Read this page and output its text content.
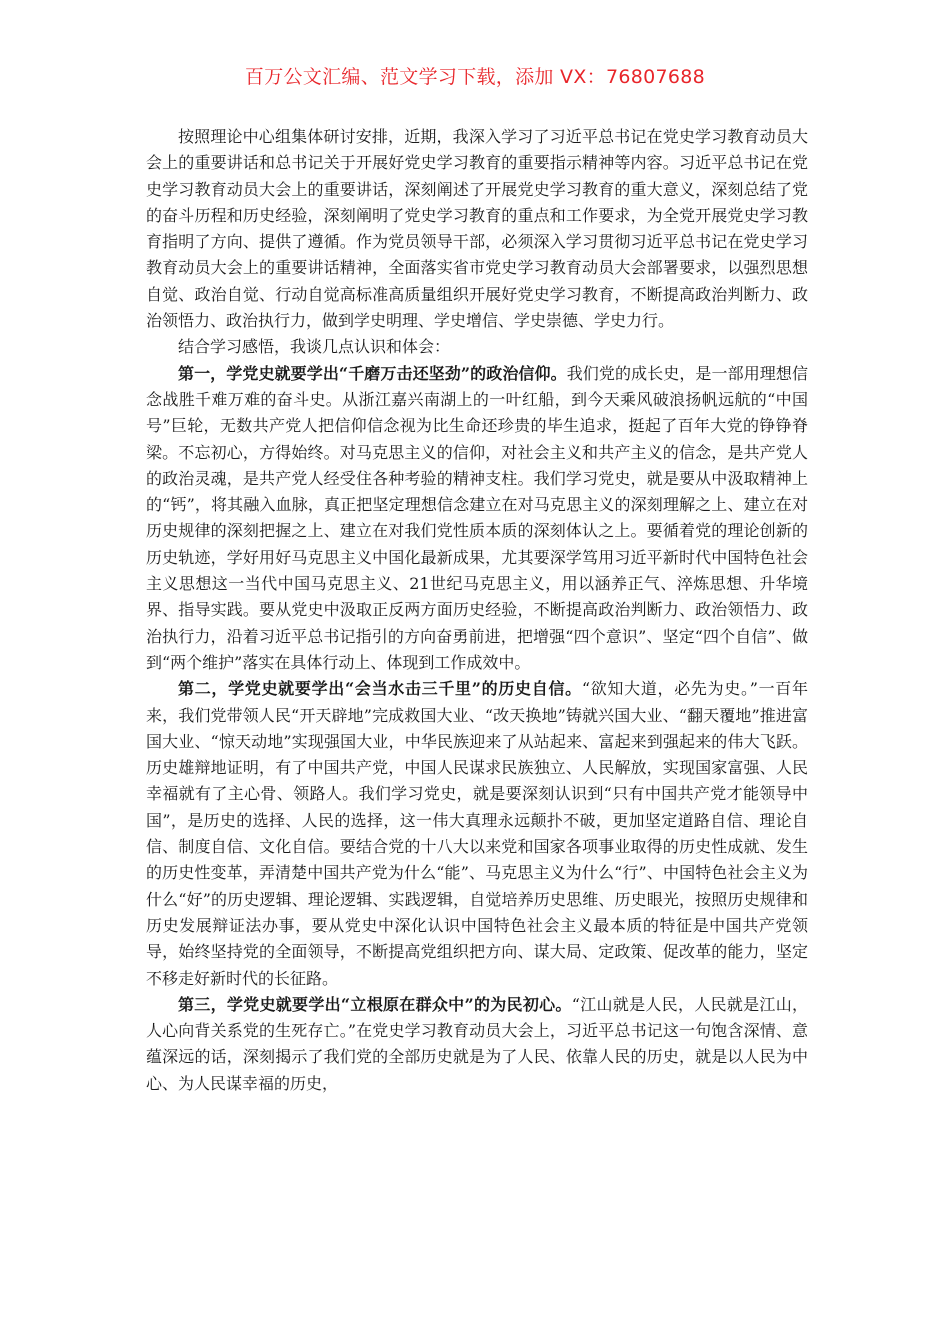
百万公文汇编、范文学习下载，添加 VX：76807688

按照理论中心组集体研讨安排，近期，我深入学习了习近平总书记在党史学习教育动员大会上的重要讲话和总书记关于开展好党史学习教育的重要指示精神等内容。习近平总书记在党史学习教育动员大会上的重要讲话，深刻阐述了开展党史学习教育的重大意义，深刻总结了党的奋斗历程和历史经验，深刻阐明了党史学习教育的重点和工作要求，为全党开展党史学习教育指明了方向、提供了遵循。作为党员领导干部，必须深入学习贯彻习近平总书记在党史学习教育动员大会上的重要讲话精神，全面落实省市党史学习教育动员大会部署要求，以强烈思想自觉、政治自觉、行动自觉高标准高质量组织开展好党史学习教育，不断提高政治判断力、政治领悟力、政治执行力，做到学史明理、学史增信、学史崇德、学史力行。

结合学习感悟，我谈几点认识和体会：

第一，学党史就要学出“千磨万击还坚劲”的政治信仰。我们党的成长史，是一部用理想信念战胜千难万难的奋斗史。从浙江嘉兴南湖上的一叶红船，到今天乘风破浪扬帆远航的“中国号”巨轮，无数共产党人把信仰信念视为比生命还珍贵的毕生追求，挺起了百年大党的铮铮脊梁。不忘初心，方得始终。对马克思主义的信仰，对社会主义和共产主义的信念，是共产党人的政治灵魂，是共产党人经受住各种考验的精神支柱。我们学习党史，就是要从中汲取精神上的“钙”，将其融入血脉，真正把坚定理想信念建立在对马克思主义的深刻理解之上、建立在对历史规律的深刻把握之上、建立在对我们党性质本质的深刻体认之上。要循着党的理论创新的历史轨迹，学好用好马克思主义中国化最新成果，尤其要深学笃用习近平新时代中国特色社会主义思想这一当代中国马克思主义、21世纪马克思主义，用以涵养正气、淬炼思想、升华境界、指导实践。要从党史中汲取正反两方面历史经验，不断提高政治判断力、政治领悟力、政治执行力，沿着习近平总书记指引的方向奋勇前进，把增强“四个意识”、坚定“四个自信”、做到“两个维护”落实在具体行动上、体现到工作成效中。

第二，学党史就要学出“会当水击三千里”的历史自信。“欲知大道，必先为史。”一百年来，我们党带领人民“开天辟地”完成救国大业、“改天换地”铸就兴国大业、“翻天覆地”推进富国大业、“惊天动地”实现强国大业，中华民族迎来了从站起来、富起来到强起来的伟大飞跃。历史雄辩地证明，有了中国共产党，中国人民谋求民族独立、人民解放，实现国家富强、人民幸福就有了主心骨、领路人。我们学习党史，就是要深刻认识到“只有中国共产党才能领导中国”，是历史的选择、人民的选择，这一伟大真理永远颠扑不破，更加坚定道路自信、理论自信、制度自信、文化自信。要结合党的十八大以来党和国家各项事业取得的历史性成就、发生的历史性变革，弄清楚中国共产党为什么“能”、马克思主义为什么“行”、中国特色社会主义为什么“好”的历史逻辑、理论逻辑、实践逻辑，自觉培养历史思维、历史眼光，按照历史规律和历史发展辩证法办事，要从党史中深化认识中国特色社会主义最本质的特征是中国共产党领导，始终坚持党的全面领导，不断提高党组织把方向、谋大局、定政策、促改革的能力，坚定不移走好新时代的长征路。

第三，学党史就要学出“立根原在群众中”的为民初心。“江山就是人民，人民就是江山，人心向背关系党的生死存亡。”在党史学习教育动员大会上，习近平总书记这一句饱含深情、意蕴深远的话，深刻揭示了我们党的全部历史就是为了人民、依靠人民的历史，就是以人民为中心、为人民谋幸福的历史，
